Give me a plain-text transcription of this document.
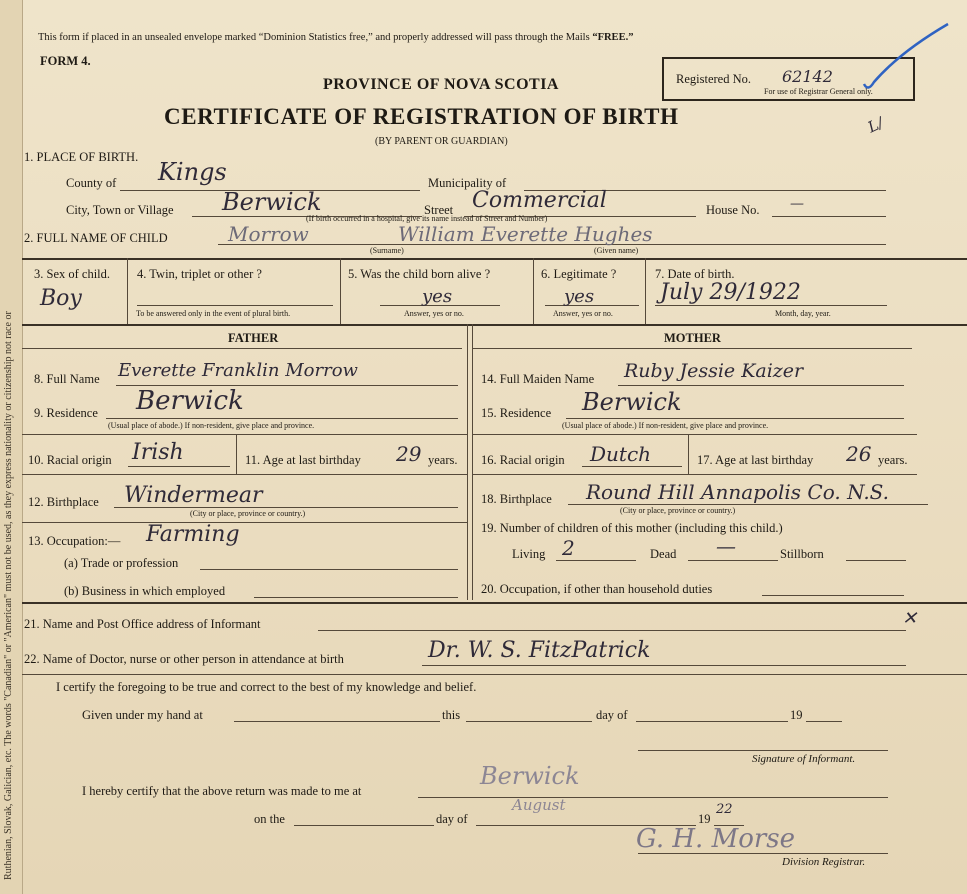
Ruthenian, Slovak, Galician, etc. The words "Canadian" or "American" must not be used, as they express nationality or citizenship not race or
This form if placed in an unsealed envelope marked “Dominion Statistics free,” and properly addressed will pass through the Mails “FREE.”
FORM 4.
PROVINCE OF NOVA SCOTIA
CERTIFICATE OF REGISTRATION OF BIRTH
(BY PARENT OR GUARDIAN)
Registered No. 62142
For use of Registrar General only.
L/
1. PLACE OF BIRTH.
County of Kings	Municipality of
City, Town or Village Berwick	Street Commercial	House No. —
(If birth occurred in a hospital, give its name instead of Street and Number)
2. FULL NAME OF CHILD	Morrow	William Everette Hughes
(Surname)	(Given name)
3. Sex of child.
Boy
4. Twin, triplet or other ?
To be answered only in the event of plural birth.
5. Was the child born alive ?
yes
Answer, yes or no.
6. Legitimate ?
yes
Answer, yes or no.
7. Date of birth.
July 29/1922
Month, day, year.
FATHER	MOTHER
8. Full Name Everette Franklin Morrow
9. Residence Berwick
(Usual place of abode.) If non-resident, give place and province.
10. Racial origin Irish	11. Age at last birthday 29 years.
12. Birthplace Windermear
(City or place, province or country.)
13. Occupation:— Farming
(a) Trade or profession
(b) Business in which employed
14. Full Maiden Name Ruby Jessie Kaizer
15. Residence Berwick
(Usual place of abode.) If non-resident, give place and province.
16. Racial origin Dutch	17. Age at last birthday 26 years.
18. Birthplace Round Hill Annapolis Co. N.S.
(City or place, province or country.)
19. Number of children of this mother (including this child.)
Living 2	Dead —	Stillborn
20. Occupation, if other than household duties
21. Name and Post Office address of Informant	✕
22. Name of Doctor, nurse or other person in attendance at birth	Dr. W. S. FitzPatrick
I certify the foregoing to be true and correct to the best of my knowledge and belief.
Given under my hand at	this	day of	19
Signature of Informant.
I hereby certify that the above return was made to me at
Berwick
on the	day of
August
19
22
G. H. Morse
Division Registrar.
